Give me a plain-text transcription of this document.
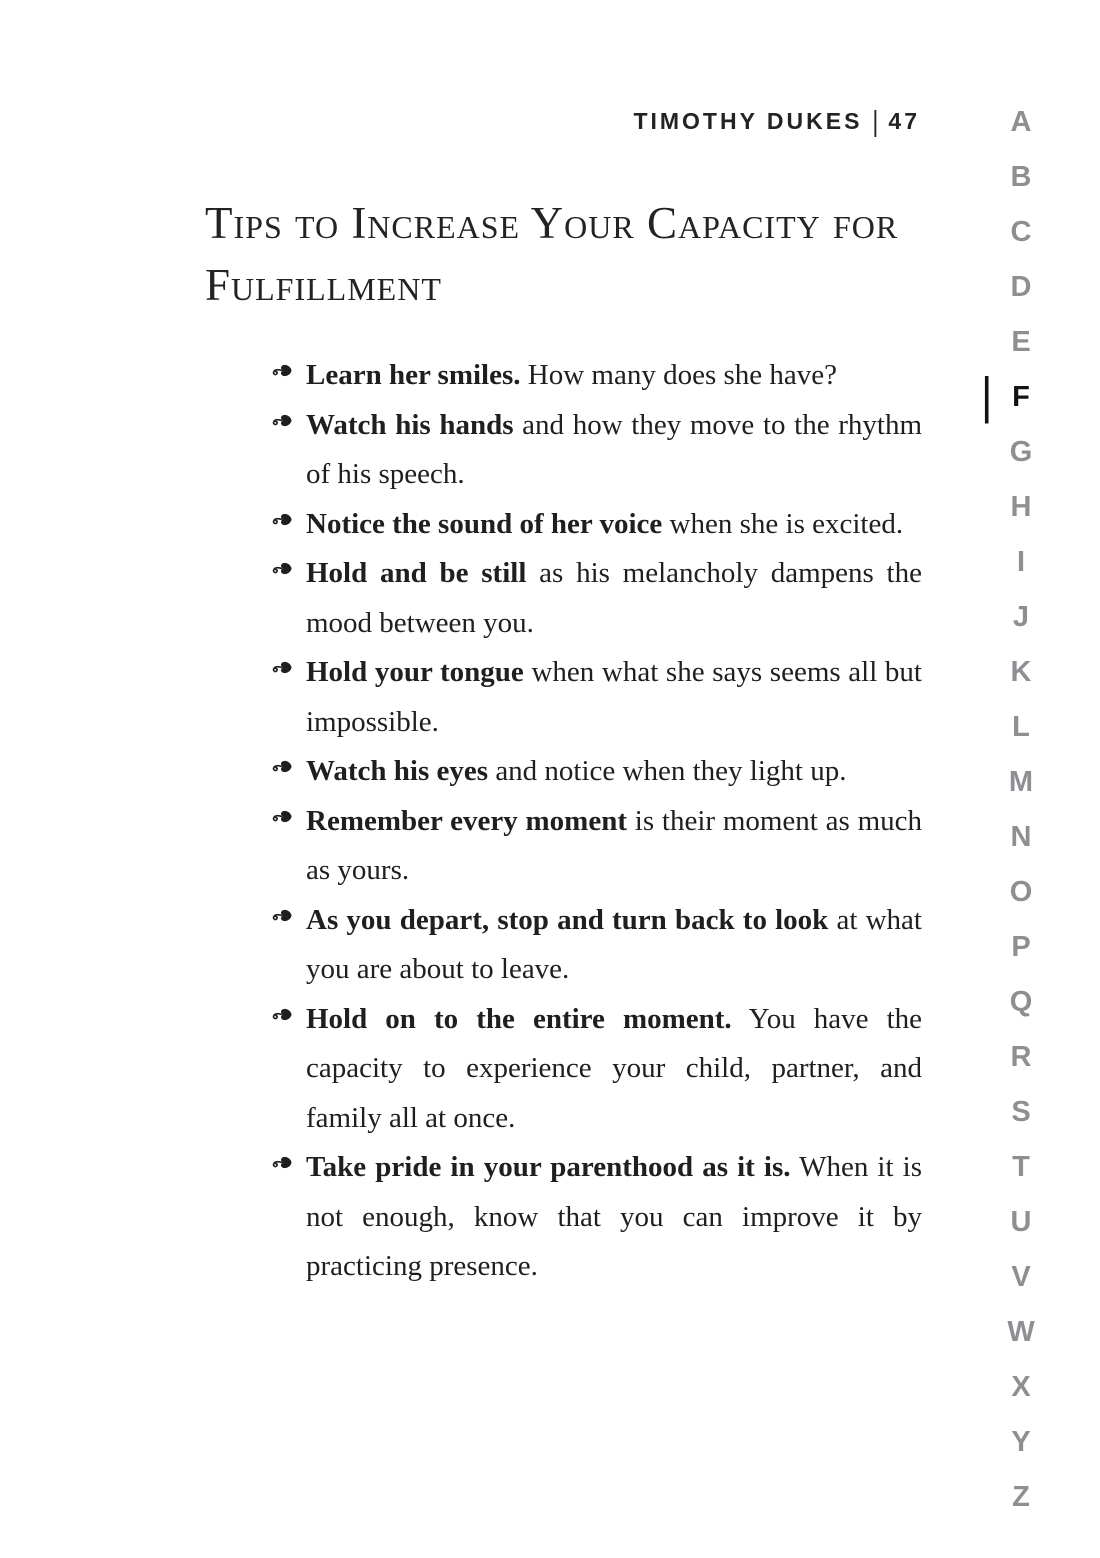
TIMOTHY DUKES | 47
Tips to Increase Your Capacity for Fulfillment
Learn her smiles. How many does she have?
Watch his hands and how they move to the rhythm of his speech.
Notice the sound of her voice when she is excited.
Hold and be still as his melancholy dampens the mood between you.
Hold your tongue when what she says seems all but impossible.
Watch his eyes and notice when they light up.
Remember every moment is their moment as much as yours.
As you depart, stop and turn back to look at what you are about to leave.
Hold on to the entire moment. You have the capacity to experience your child, partner, and family all at once.
Take pride in your parenthood as it is. When it is not enough, know that you can improve it by practicing presence.
A
B
C
D
E
| F
G
H
I
J
K
L
M
N
O
P
Q
R
S
T
U
V
W
X
Y
Z
